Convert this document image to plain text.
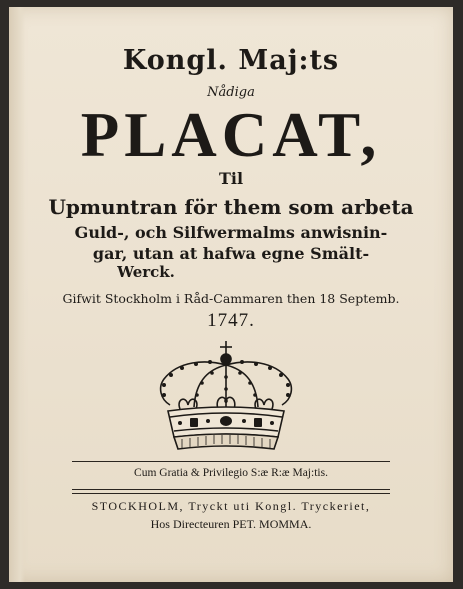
Kongl. Maj:ts
Nådiga
PLACAT,
Til
Upmuntran för them som arbeta
Guld-, och Silfwermalms anwisnin-
gar, utan at hafwa egne Smält-
Werck.
Gifwit Stockholm i Råd-Cammaren then 18 Septemb.
1747.
Cum Gratia & Privilegio S:æ R:æ Maj:tis.
STOCKHOLM, Tryckt uti Kongl. Tryckeriet,
Hos Directeuren PET. MOMMA.
